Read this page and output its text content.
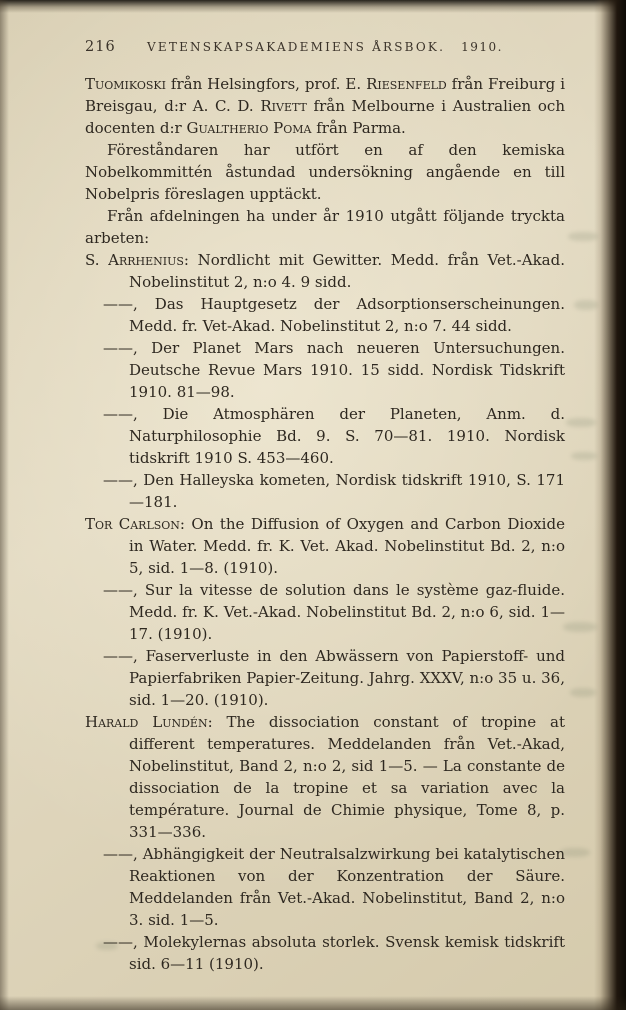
216	VETENSKAPSAKADEMIENS ÅRSBOK. 1910.

Tuomikoski från Helsingfors, prof. E. Riesenfeld från Freiburg i Breisgau, d:r A. C. D. Rivett från Melbourne i Australien och docenten d:r Gualtherio Poma från Parma.

Föreståndaren har utfört en af den kemiska Nobelkommittén åstundad undersökning angående en till Nobelpris föreslagen upptäckt.

Från afdelningen ha under år 1910 utgått följande tryckta arbeten:

S. Arrhenius: Nordlicht mit Gewitter. Medd. från Vet.-Akad. Nobelinstitut 2, n:o 4. 9 sidd.

——, Das Hauptgesetz der Adsorptionserscheinungen. Medd. fr. Vet-Akad. Nobelinstitut 2, n:o 7. 44 sidd.

——, Der Planet Mars nach neueren Untersuchungen. Deutsche Revue Mars 1910. 15 sidd. Nordisk Tidskrift 1910. 81—98.

——, Die Atmosphären der Planeten, Anm. d. Naturphilosophie Bd. 9. S. 70—81. 1910. Nordisk tidskrift 1910 S. 453—460.

——, Den Halleyska kometen, Nordisk tidskrift 1910, S. 171—181.

Tor Carlson: On the Diffusion of Oxygen and Carbon Dioxide in Water. Medd. fr. K. Vet. Akad. Nobelinstitut Bd. 2, n:o 5, sid. 1—8. (1910).

——, Sur la vitesse de solution dans le système gaz-fluide. Medd. fr. K. Vet.-Akad. Nobelinstitut Bd. 2, n:o 6, sid. 1—17. (1910).

——, Faserverluste in den Abwässern von Papierstoff- und Papierfabriken Papier-Zeitung. Jahrg. XXXV, n:o 35 u. 36, sid. 1—20. (1910).

Harald Lundén: The dissociation constant of tropine at different temperatures. Meddelanden från Vet.-Akad, Nobelinstitut, Band 2, n:o 2, sid 1—5. — La constante de dissociation de la tropine et sa variation avec la température. Journal de Chimie physique, Tome 8, p. 331—336.

——, Abhängigkeit der Neutralsalzwirkung bei katalytischen Reaktionen von der Konzentration der Säure. Meddelanden från Vet.-Akad. Nobelinstitut, Band 2, n:o 3. sid. 1—5.

——, Molekylernas absoluta storlek. Svensk kemisk tidskrift sid. 6—11 (1910).
